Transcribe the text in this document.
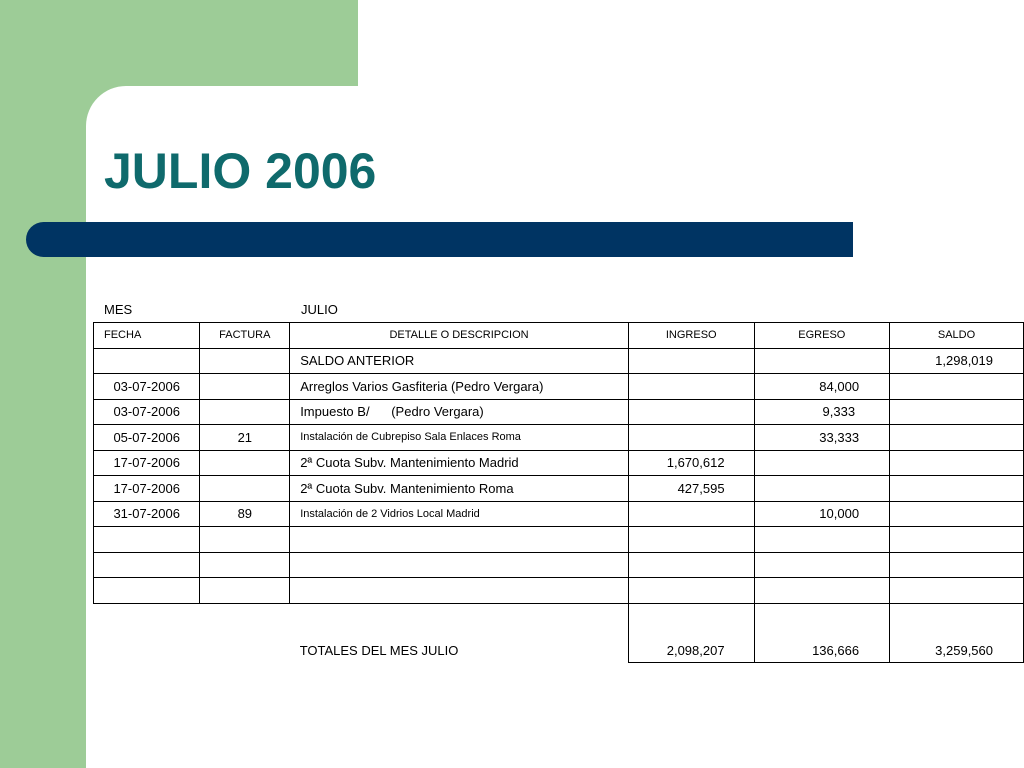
JULIO 2006
MES	JULIO
FECHA	FACTURA	DETALLE O DESCRIPCION	INGRESO	EGRESO	SALDO
		SALDO ANTERIOR			1,298,019
03-07-2006		Arreglos Varios Gasfiteria (Pedro Vergara)		84,000	
03-07-2006		Impuesto B/      (Pedro Vergara)		9,333	
05-07-2006	21	Instalación de Cubrepiso Sala Enlaces Roma		33,333	
17-07-2006		2ª Cuota Subv. Mantenimiento Madrid	1,670,612		
17-07-2006		2ª Cuota Subv. Mantenimiento Roma	427,595		
31-07-2006	89	Instalación de 2 Vidrios Local Madrid		10,000	

		TOTALES DEL MES JULIO	2,098,207	136,666	3,259,560
